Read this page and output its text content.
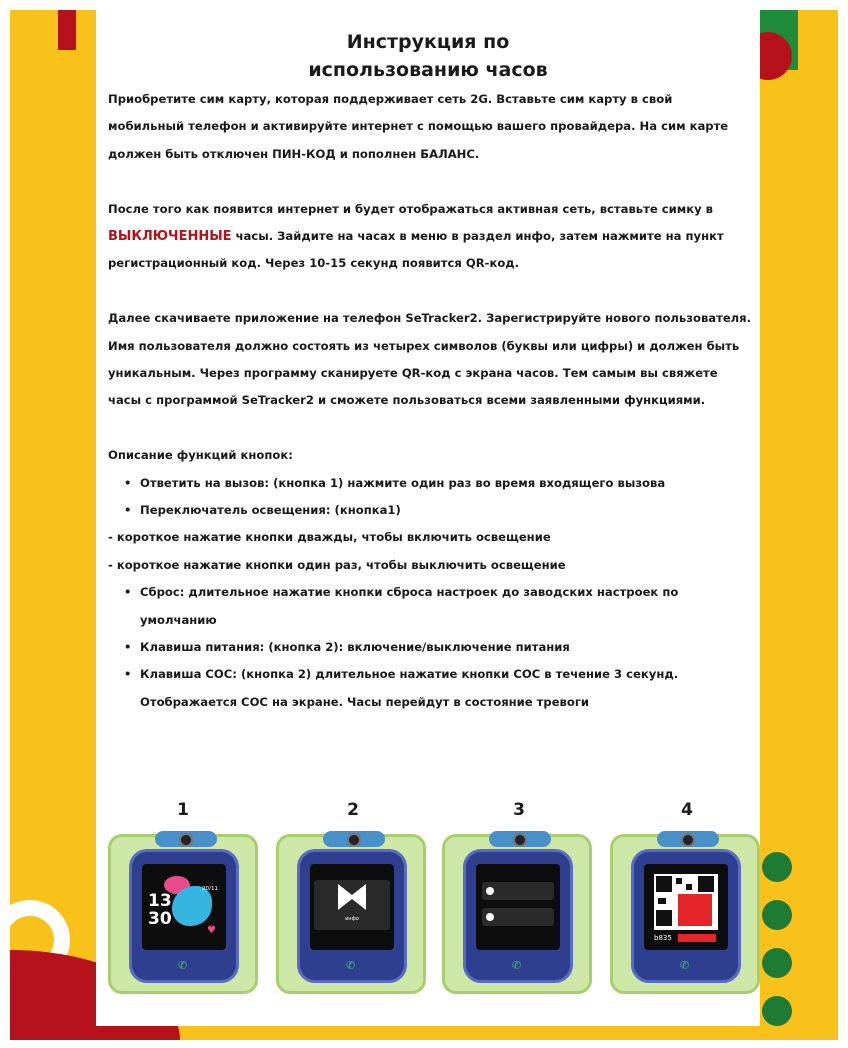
Инструкция по
использованию часов
Приобретите сим карту, которая поддерживает сеть 2G. Вставьте сим карту в свой мобильный телефон и активируйте интернет с помощью вашего провайдера. На сим карте должен быть отключен ПИН-КОД и пополнен БАЛАНС.
После того как появится интернет и будет отображаться активная сеть, вставьте симку в ВЫКЛЮЧЕННЫЕ часы. Зайдите на часах в меню в раздел инфо, затем нажмите на пункт регистрационный код. Через 10-15 секунд появится QR-код.
Далее скачиваете приложение на телефон SeTracker2. Зарегистрируйте нового пользователя. Имя пользователя должно состоять из четырех символов (буквы или цифры) и должен быть уникальным. Через программу сканируете QR-код с экрана часов. Тем самым вы свяжете часы с программой SeTracker2 и сможете пользоваться всеми заявленными функциями.
Описание функций кнопок:
• Ответить на вызов: (кнопка 1) нажмите один раз во время входящего вызова
• Переключатель освещения: (кнопка1)
- короткое нажатие кнопки дважды, чтобы включить освещение
- короткое нажатие кнопки один раз, чтобы выключить освещение
• Сброс: длительное нажатие кнопки сброса настроек до заводских настроек по умолчанию
• Клавиша питания: (кнопка 2): включение/выключение питания
• Клавиша СОС: (кнопка 2) длительное нажатие кнопки СОС в течение 3 секунд. Отображается СОС на экране. Часы перейдут в состояние тревоги
1	2	3	4
20/11
13
30
♥
✆
инфо
✆	✆
b835
✆
